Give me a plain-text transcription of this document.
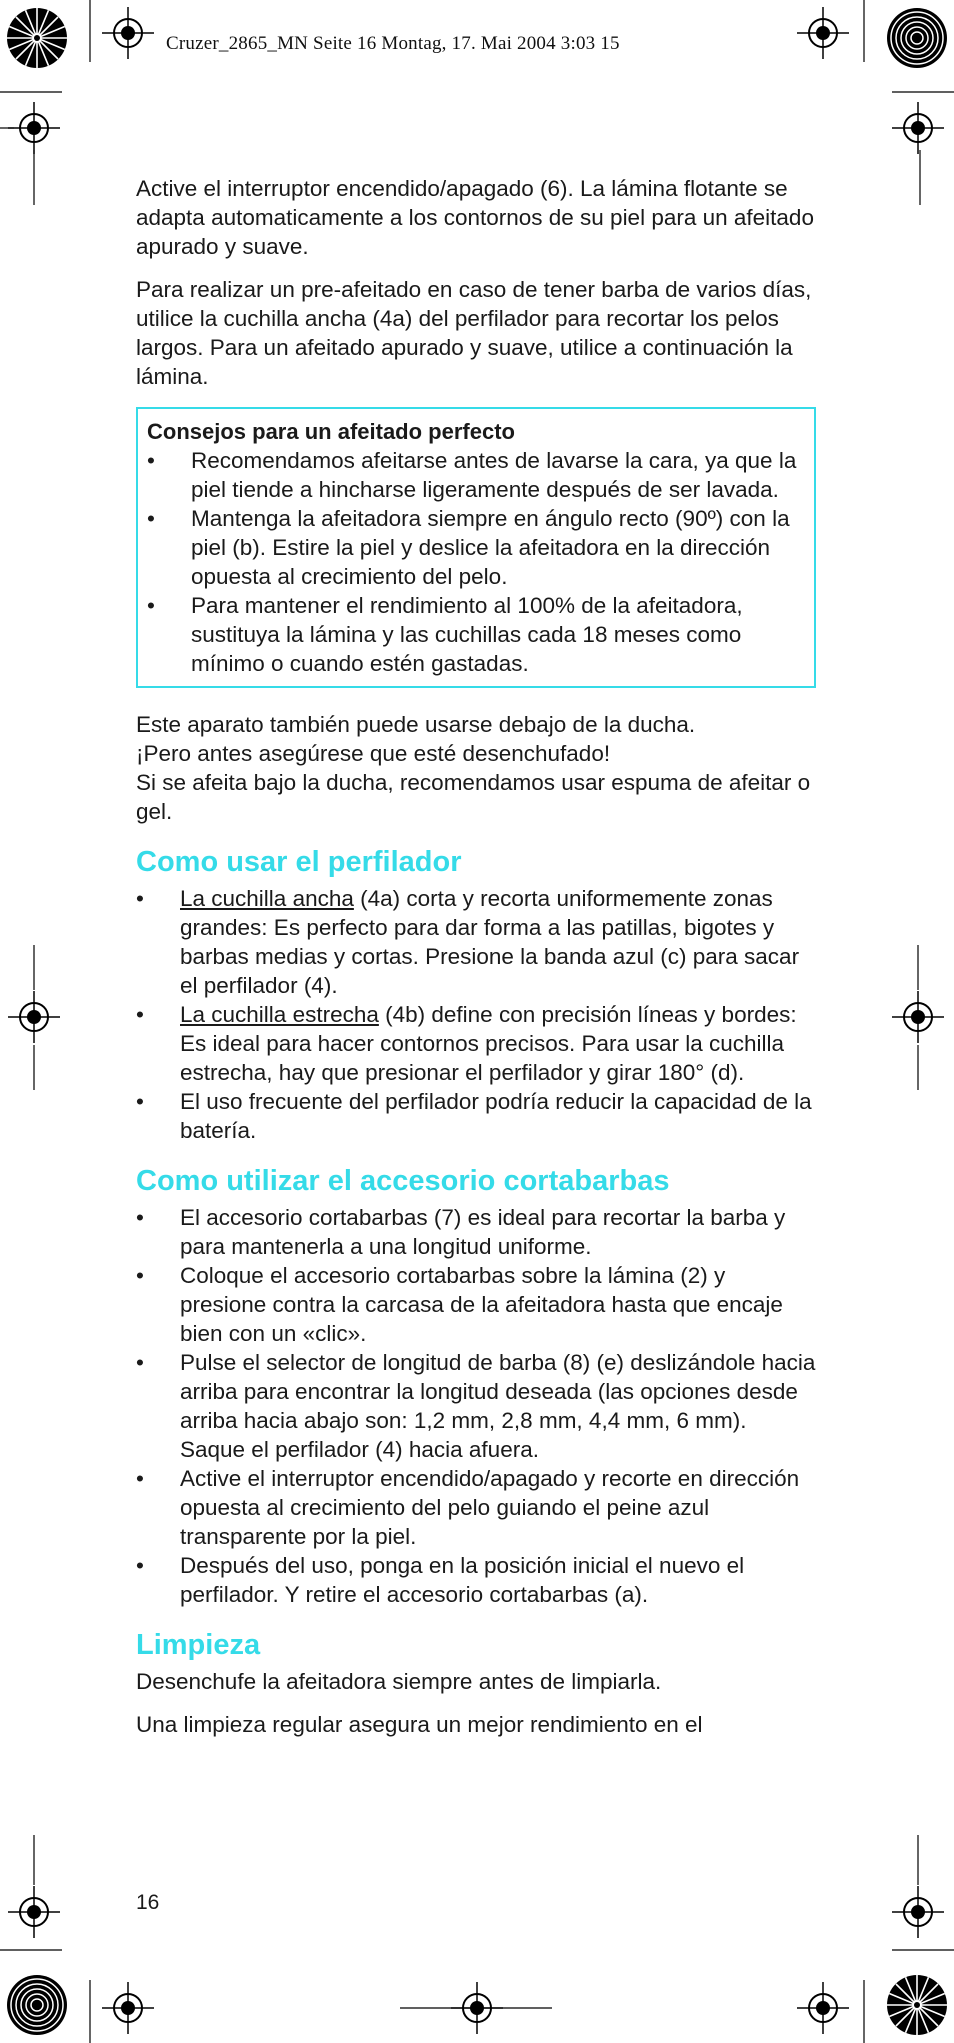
Cruzer_2865_MN Seite 16 Montag, 17. Mai 2004 3:03 15

Active el interruptor encendido/apagado (6). La lámina flotante se adapta automaticamente a los contornos de su piel para un afeitado apurado y suave.

Para realizar un pre-afeitado en caso de tener barba de varios días, utilice la cuchilla ancha (4a) del perfilador para recortar los pelos largos. Para un afeitado apurado y suave, utilice a continuación la lámina.

Consejos para un afeitado perfecto
• Recomendamos afeitarse antes de lavarse la cara, ya que la piel tiende a hincharse ligeramente después de ser lavada.
• Mantenga la afeitadora siempre en ángulo recto (90º) con la piel (b). Estire la piel y deslice la afeitadora en la dirección opuesta al crecimiento del pelo.
• Para mantener el rendimiento al 100% de la afeitadora, sustituya la lámina y las cuchillas cada 18 meses como mínimo o cuando estén gastadas.

Este aparato también puede usarse debajo de la ducha.
¡Pero antes asegúrese que esté desenchufado!
Si se afeita bajo la ducha, recomendamos usar espuma de afeitar o gel.

Como usar el perfilador
• La cuchilla ancha (4a) corta y recorta uniformemente zonas grandes: Es perfecto para dar forma a las patillas, bigotes y barbas medias y cortas. Presione la banda azul (c) para sacar el perfilador (4).
• La cuchilla estrecha (4b) define con precisión líneas y bordes: Es ideal para hacer contornos precisos. Para usar la cuchilla estrecha, hay que presionar el perfilador y girar 180° (d).
• El uso frecuente del perfilador podría reducir la capacidad de la batería.
Como utilizar el accesorio cortabarbas
• El accesorio cortabarbas (7) es ideal para recortar la barba y para mantenerla a una longitud uniforme.
• Coloque el accesorio cortabarbas sobre la lámina (2) y presione contra la carcasa de la afeitadora hasta que encaje bien con un «clic».
• Pulse el selector de longitud de barba (8) (e) deslizándole hacia arriba para encontrar la longitud deseada (las opciones desde arriba hacia abajo son: 1,2 mm, 2,8 mm, 4,4 mm, 6 mm). Saque el perfilador (4) hacia afuera.
• Active el interruptor encendido/apagado y recorte en dirección opuesta al crecimiento del pelo guiando el peine azul transparente por la piel.
• Después del uso, ponga en la posición inicial el nuevo el perfilador. Y retire el accesorio cortabarbas (a).
Limpieza

Desenchufe la afeitadora siempre antes de limpiarla.

Una limpieza regular asegura un mejor rendimiento en el

16
